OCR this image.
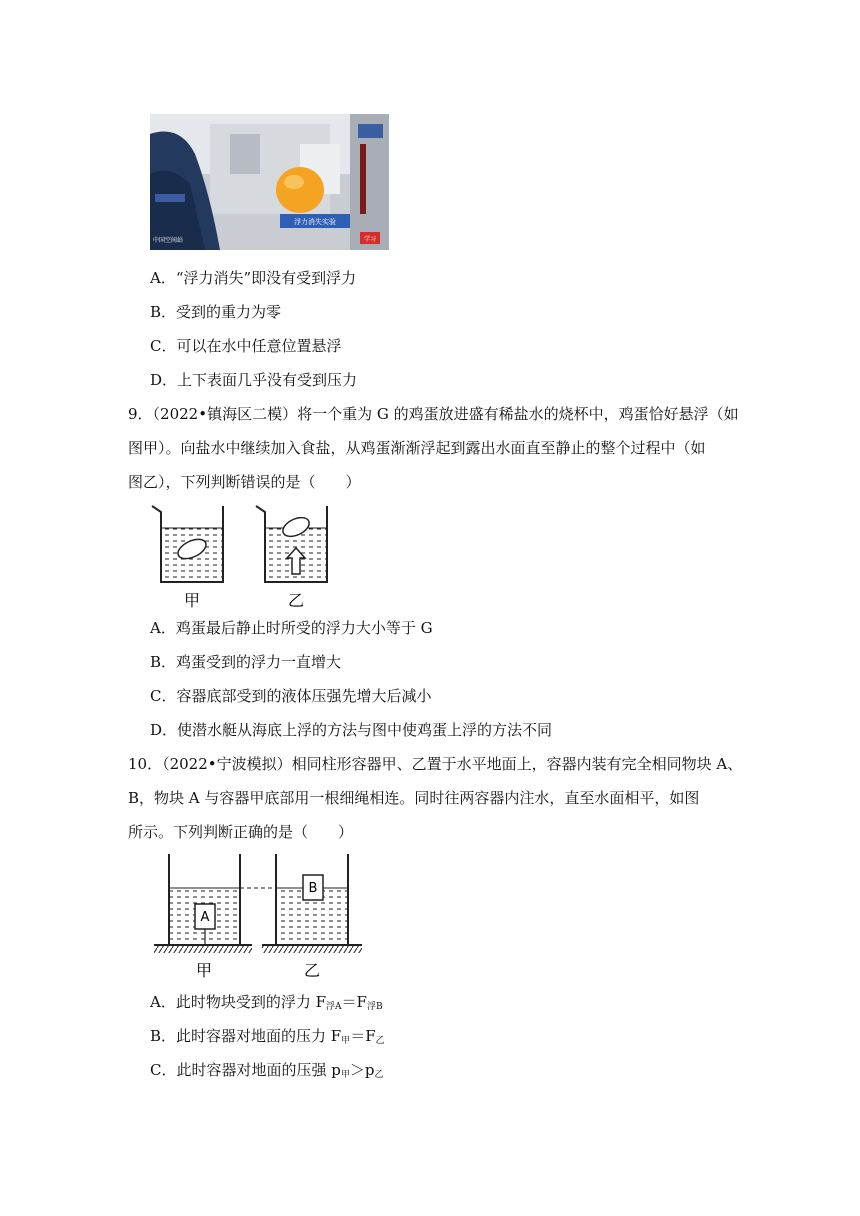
浮力消失实验
学习
中国空间站
A．“浮力消失”即没有受到浮力
B．受到的重力为零
C．可以在水中任意位置悬浮
D．上下表面几乎没有受到压力
9．（2022•镇海区二模）将一个重为 G 的鸡蛋放进盛有稀盐水的烧杯中，鸡蛋恰好悬浮（如
图甲）。向盐水中继续加入食盐，从鸡蛋渐渐浮起到露出水面直至静止的整个过程中（如
图乙），下列判断错误的是（　　）
甲	乙
A．鸡蛋最后静止时所受的浮力大小等于 G
B．鸡蛋受到的浮力一直增大
C．容器底部受到的液体压强先增大后减小
D．使潜水艇从海底上浮的方法与图中使鸡蛋上浮的方法不同
10．（2022•宁波模拟）相同柱形容器甲、乙置于水平地面上，容器内装有完全相同物块 A、
B，物块 A 与容器甲底部用一根细绳相连。同时往两容器内注水，直至水面相平，如图
所示。下列判断正确的是（　　）
A
B
甲	乙
A．此时物块受到的浮力 $F_{浮A}=F_{浮B}$
B．此时容器对地面的压力 $F_甲=F_乙$
C．此时容器对地面的压强 $p_甲>p_乙$
